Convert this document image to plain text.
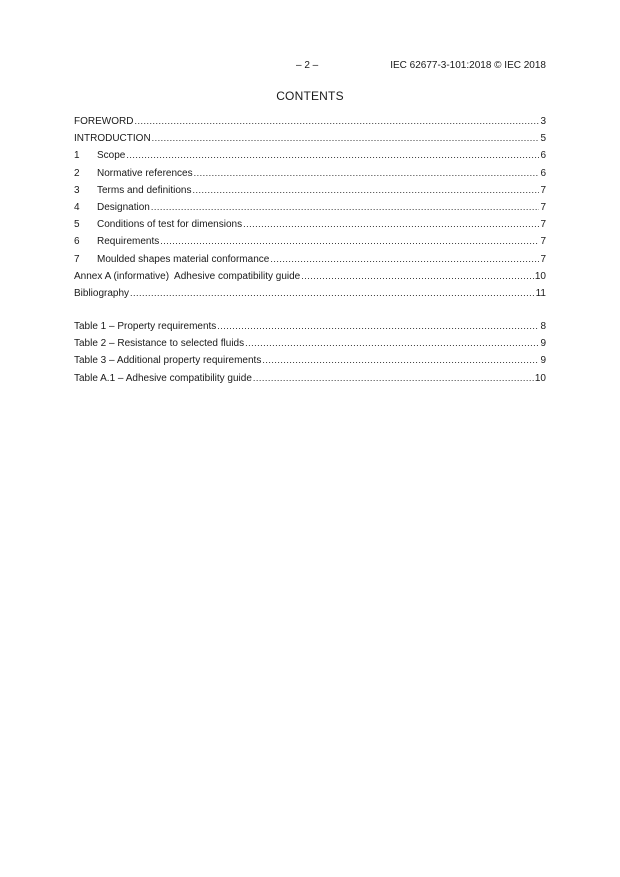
– 2 –	IEC 62677-3-101:2018 © IEC 2018
CONTENTS
FOREWORD .....	3
INTRODUCTION .....	5
1	Scope .....	6
2	Normative references .....	6
3	Terms and definitions .....	7
4	Designation .....	7
5	Conditions of test for dimensions .....	7
6	Requirements .....	7
7	Moulded shapes material conformance .....	7
Annex A (informative)  Adhesive compatibility guide .....	10
Bibliography .....	11
Table 1 – Property requirements .....	8
Table 2 – Resistance to selected fluids .....	9
Table 3 – Additional property requirements .....	9
Table A.1 – Adhesive compatibility guide .....	10
